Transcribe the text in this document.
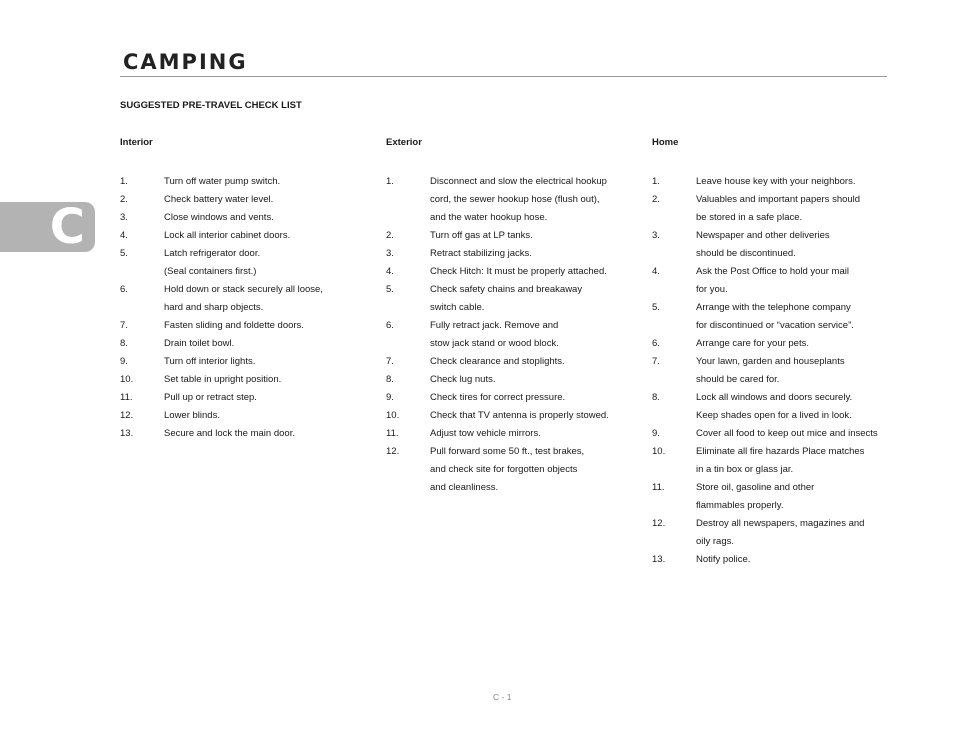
CAMPING
SUGGESTED PRE-TRAVEL CHECK LIST
C
Interior
1.	Turn off water pump switch.
2.	Check battery water level.
3.	Close windows and vents.
4.	Lock all interior cabinet doors.
5.	Latch refrigerator door.
(Seal containers first.)
6.	Hold down or stack securely all loose,
hard and sharp objects.
7.	Fasten sliding and foldette doors.
8.	Drain toilet bowl.
9.	Turn off interior lights.
10.	Set table in upright position.
11.	Pull up or retract step.
12.	Lower blinds.
13.	Secure and lock the main door.
Exterior
1.	Disconnect and slow the electrical hookup
cord, the sewer hookup hose (flush out),
and the water hookup hose.
2.	Turn off gas at LP tanks.
3.	Retract stabilizing jacks.
4.	Check Hitch: It must be properly attached.
5.	Check safety chains and breakaway
switch cable.
6.	Fully retract jack. Remove and
stow jack stand or wood block.
7.	Check clearance and stoplights.
8.	Check lug nuts.
9.	Check tires for correct pressure.
10.	Check that TV antenna is properly stowed.
11.	Adjust tow vehicle mirrors.
12.	Pull forward some 50 ft., test brakes,
and check site for forgotten objects
and cleanliness.
Home
1.	Leave house key with your neighbors.
2.	Valuables and important papers should
be stored in a safe place.
3.	Newspaper and other deliveries
should be discontinued.
4.	Ask the Post Office to hold your mail
for you.
5.	Arrange with the telephone company
for discontinued or “vacation service”.
6.	Arrange care for your pets.
7.	Your lawn, garden and houseplants
should be cared for.
8.	Lock all windows and doors securely.
Keep shades open for a lived in look.
9.	Cover all food to keep out mice and insects
10.	Eliminate all fire hazards Place matches
in a tin box or glass jar.
11.	Store oil, gasoline and other
flammables properly.
12.	Destroy all newspapers, magazines and
oily rags.
13.	Notify police.
C - 1
